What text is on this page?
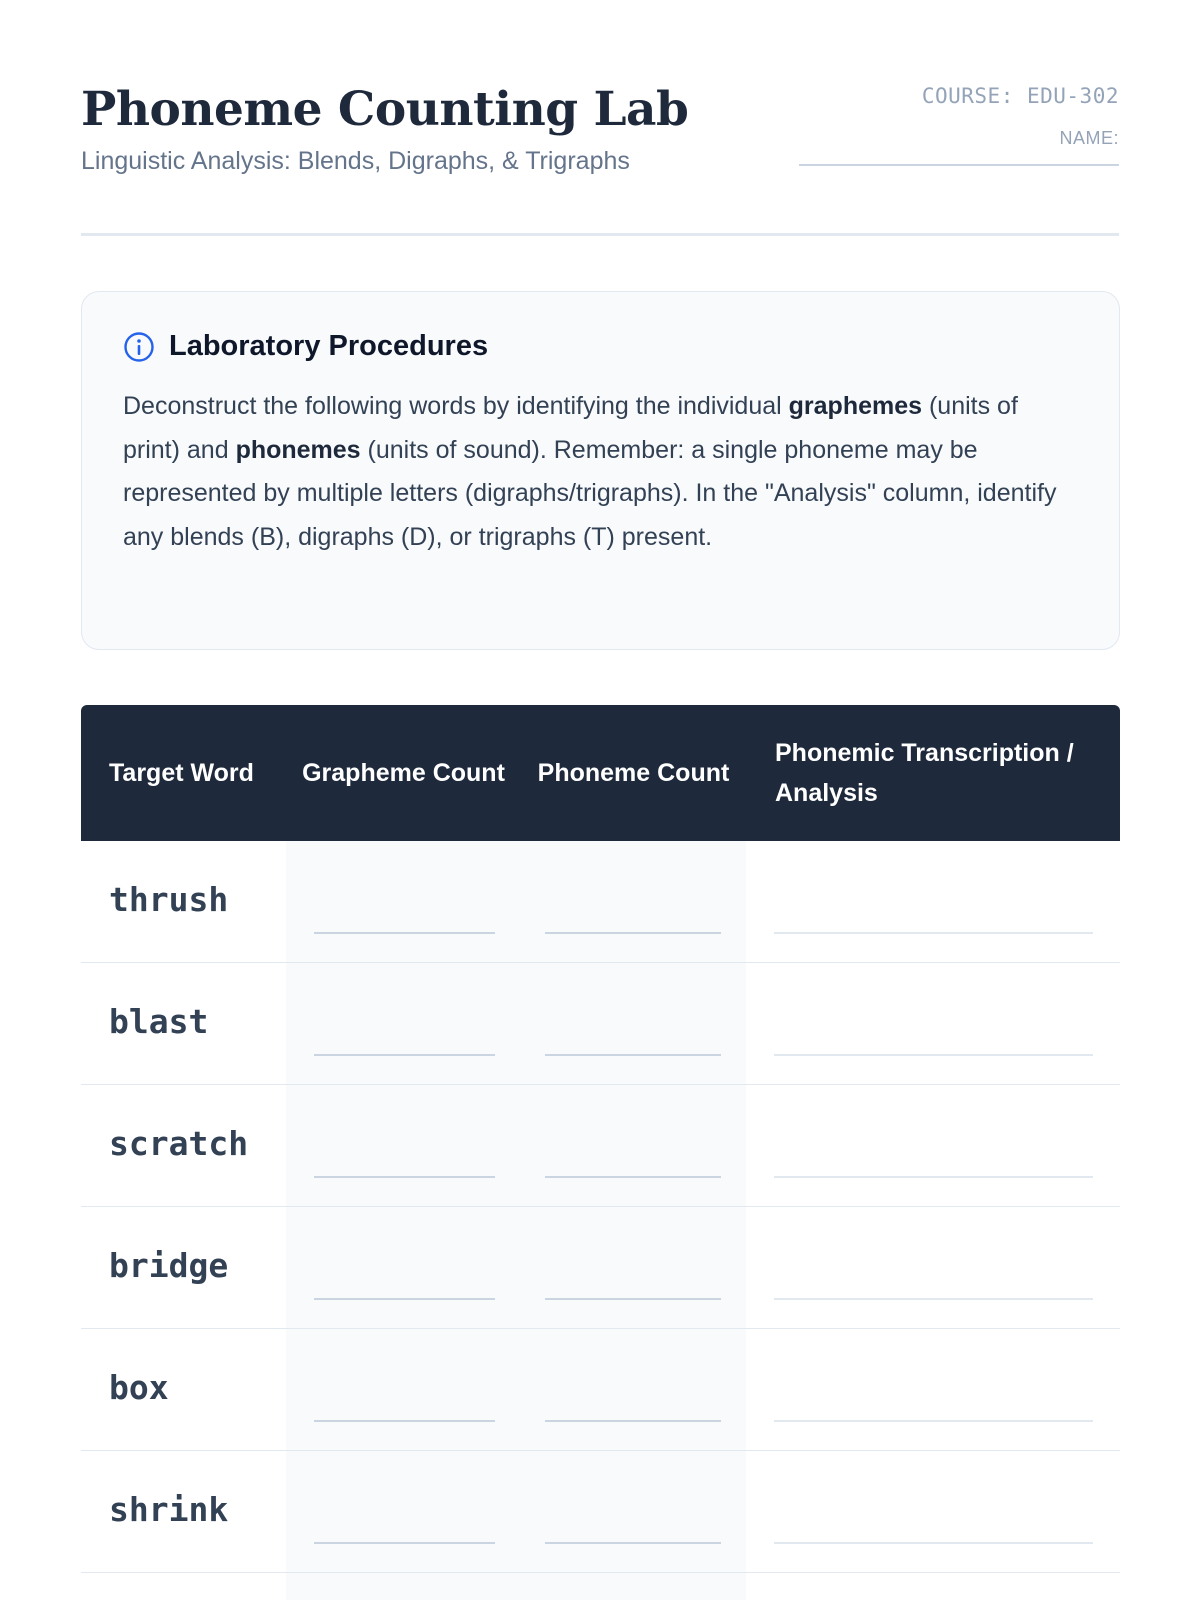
Phoneme Counting Lab
Linguistic Analysis: Blends, Digraphs, & Trigraphs
COURSE: EDU-302
NAME:
Laboratory Procedures

Deconstruct the following words by identifying the individual graphemes (units of print) and phonemes (units of sound). Remember: a single phoneme may be represented by multiple letters (digraphs/trigraphs). In the "Analysis" column, identify any blends (B), digraphs (D), or trigraphs (T) present.

Target Word	Grapheme Count	Phoneme Count
Phonemic Transcription / Analysis
thrush
blast
scratch
bridge
box
shrink
